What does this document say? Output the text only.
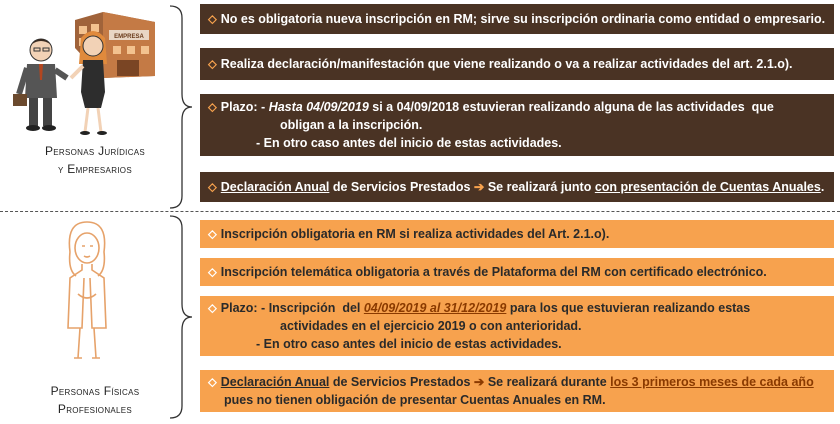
EMPRESA
Personas Jurídicas
y Empresarios
Personas Físicas
Profesionales
⬦ No es obligatoria nueva inscripción en RM; sirve su inscripción ordinaria como entidad o empresario.
⬦ Realiza declaración/manifestación que viene realizando o va a realizar actividades del art. 2.1.o).
⬦ Plazo: - Hasta 04/09/2019 si a 04/09/2018 estuvieran realizando alguna de las actividades  que
obligan a la inscripción.
- En otro caso antes del inicio de estas actividades.
⬦ Declaración Anual de Servicios Prestados ➔ Se realizará junto con presentación de Cuentas Anuales.
⬦ Inscripción obligatoria en RM si realiza actividades del Art. 2.1.o).
⬦ Inscripción telemática obligatoria a través de Plataforma del RM con certificado electrónico.
⬦ Plazo: - Inscripción  del 04/09/2019 al 31/12/2019 para los que estuvieran realizando estas
actividades en el ejercicio 2019 o con anterioridad.
- En otro caso antes del inicio de estas actividades.
⬦ Declaración Anual de Servicios Prestados ➔ Se realizará durante los 3 primeros meses de cada año
pues no tienen obligación de presentar Cuentas Anuales en RM.
